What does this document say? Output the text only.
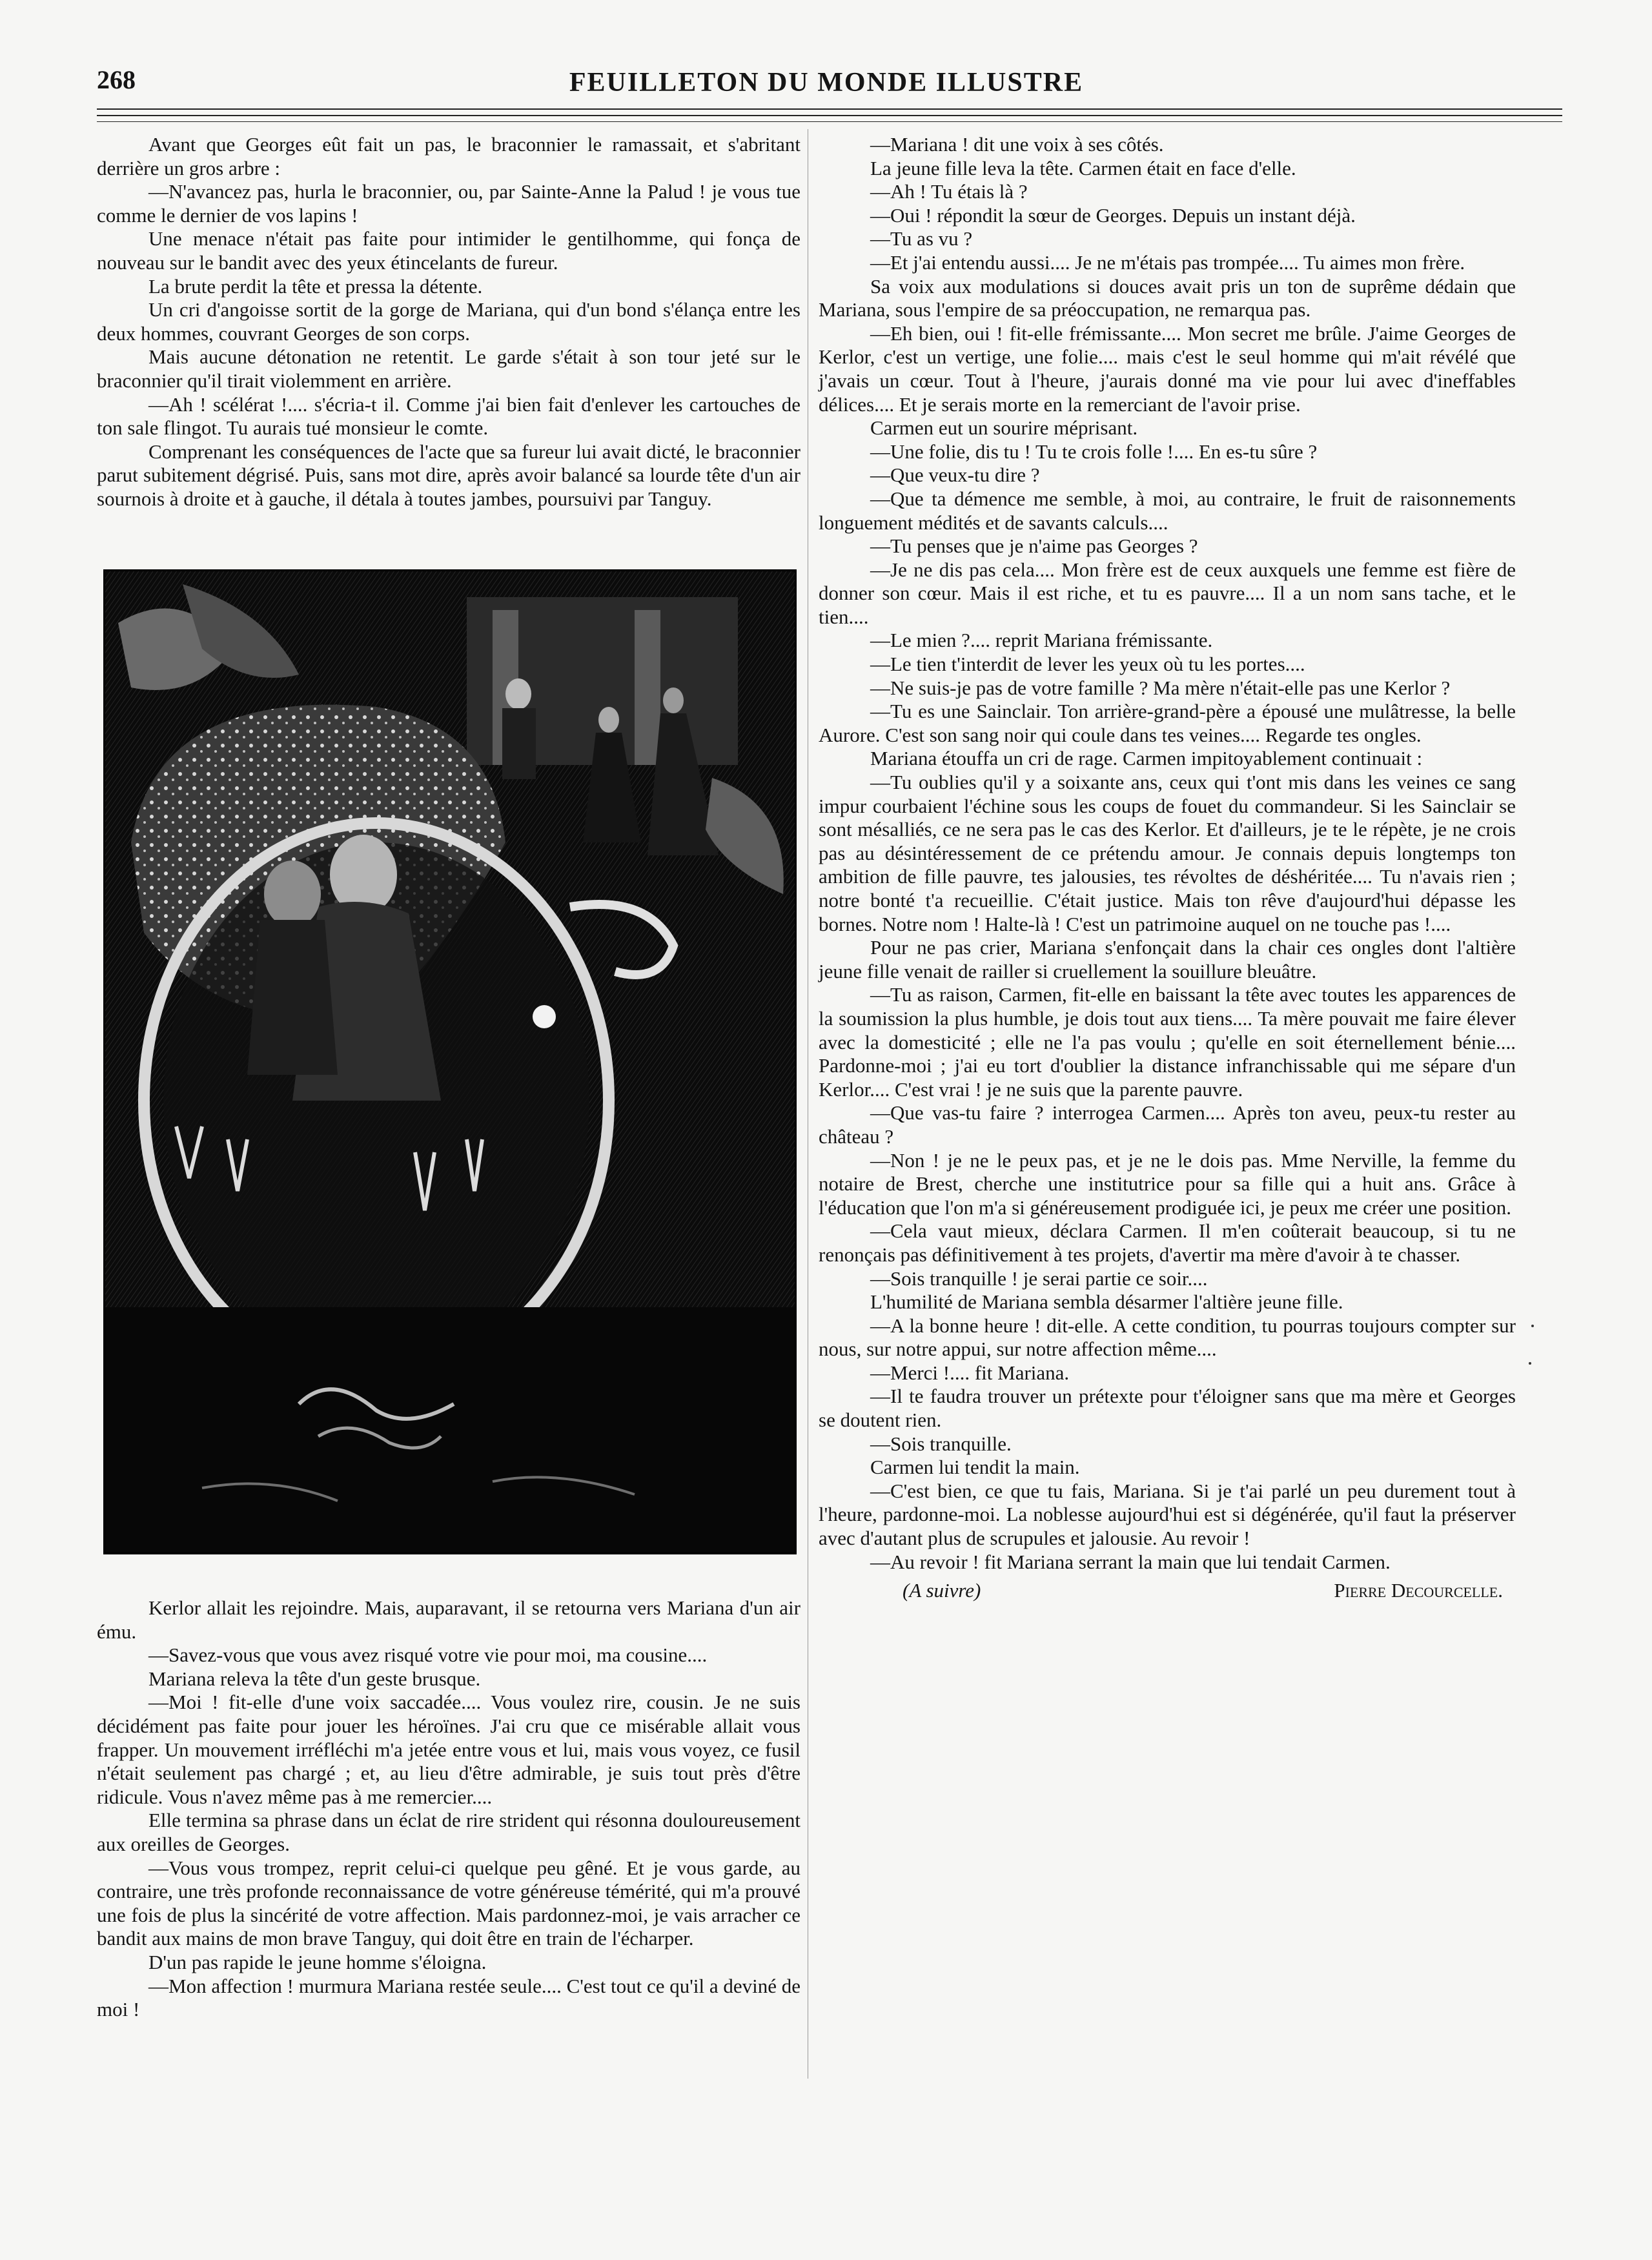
268	FEUILLETON DU MONDE ILLUSTRE

Avant que Georges eût fait un pas, le braconnier le ramassait, et s'abritant derrière un gros arbre :

—N'avancez pas, hurla le braconnier, ou, par Sainte-Anne la Palud ! je vous tue comme le dernier de vos lapins !

Une menace n'était pas faite pour intimider le gentilhomme, qui fonça de nouveau sur le bandit avec des yeux étincelants de fureur.

La brute perdit la tête et pressa la détente.

Un cri d'angoisse sortit de la gorge de Mariana, qui d'un bond s'élança entre les deux hommes, couvrant Georges de son corps.

Mais aucune détonation ne retentit. Le garde s'était à son tour jeté sur le braconnier qu'il tirait violemment en arrière.

—Ah ! scélérat !.... s'écria-t il. Comme j'ai bien fait d'enlever les cartouches de ton sale flingot. Tu aurais tué monsieur le comte.

Comprenant les conséquences de l'acte que sa fureur lui avait dicté, le braconnier parut subitement dégrisé. Puis, sans mot dire, après avoir balancé sa lourde tête d'un air sournois à droite et à gauche, il détala à toutes jambes, poursuivi par Tanguy.

Kerlor allait les rejoindre. Mais, auparavant, il se retourna vers Mariana d'un air ému.

—Savez-vous que vous avez risqué votre vie pour moi, ma cousine....

Mariana releva la tête d'un geste brusque.

—Moi ! fit-elle d'une voix saccadée.... Vous voulez rire, cousin. Je ne suis décidément pas faite pour jouer les héroïnes. J'ai cru que ce misérable allait vous frapper. Un mouvement irréfléchi m'a jetée entre vous et lui, mais vous voyez, ce fusil n'était seulement pas chargé ; et, au lieu d'être admirable, je suis tout près d'être ridicule. Vous n'avez même pas à me remercier....

Elle termina sa phrase dans un éclat de rire strident qui résonna douloureusement aux oreilles de Georges.

—Vous vous trompez, reprit celui-ci quelque peu gêné. Et je vous garde, au contraire, une très profonde reconnaissance de votre généreuse témérité, qui m'a prouvé une fois de plus la sincérité de votre affection. Mais pardonnez-moi, je vais arracher ce bandit aux mains de mon brave Tanguy, qui doit être en train de l'écharper.

D'un pas rapide le jeune homme s'éloigna.

—Mon affection ! murmura Mariana restée seule.... C'est tout ce qu'il a deviné de moi !

—Mariana ! dit une voix à ses côtés.

La jeune fille leva la tête. Carmen était en face d'elle.

—Ah ! Tu étais là ?

—Oui ! répondit la sœur de Georges. Depuis un instant déjà.

—Tu as vu ?

—Et j'ai entendu aussi.... Je ne m'étais pas trompée.... Tu aimes mon frère.

Sa voix aux modulations si douces avait pris un ton de suprême dédain que Mariana, sous l'empire de sa préoccupation, ne remarqua pas.

—Eh bien, oui ! fit-elle frémissante.... Mon secret me brûle. J'aime Georges de Kerlor, c'est un vertige, une folie.... mais c'est le seul homme qui m'ait révélé que j'avais un cœur. Tout à l'heure, j'aurais donné ma vie pour lui avec d'ineffables délices.... Et je serais morte en la remerciant de l'avoir prise.

Carmen eut un sourire méprisant.

—Une folie, dis tu ! Tu te crois folle !.... En es-tu sûre ?

—Que veux-tu dire ?

—Que ta démence me semble, à moi, au contraire, le fruit de raisonnements longuement médités et de savants calculs....

—Tu penses que je n'aime pas Georges ?

—Je ne dis pas cela.... Mon frère est de ceux auxquels une femme est fière de donner son cœur. Mais il est riche, et tu es pauvre.... Il a un nom sans tache, et le tien....

—Le mien ?.... reprit Mariana frémissante.

—Le tien t'interdit de lever les yeux où tu les portes....

—Ne suis-je pas de votre famille ? Ma mère n'était-elle pas une Kerlor ?

—Tu es une Sainclair. Ton arrière-grand-père a épousé une mulâtresse, la belle Aurore. C'est son sang noir qui coule dans tes veines.... Regarde tes ongles.

Mariana étouffa un cri de rage. Carmen impitoyablement continuait :

—Tu oublies qu'il y a soixante ans, ceux qui t'ont mis dans les veines ce sang impur courbaient l'échine sous les coups de fouet du commandeur. Si les Sainclair se sont mésalliés, ce ne sera pas le cas des Kerlor. Et d'ailleurs, je te le répète, je ne crois pas au désintéressement de ce prétendu amour. Je connais depuis longtemps ton ambition de fille pauvre, tes jalousies, tes révoltes de déshéritée.... Tu n'avais rien ; notre bonté t'a recueillie. C'était justice. Mais ton rêve d'aujourd'hui dépasse les bornes. Notre nom ! Halte-là ! C'est un patrimoine auquel on ne touche pas !....

Pour ne pas crier, Mariana s'enfonçait dans la chair ces ongles dont l'altière jeune fille venait de railler si cruellement la souillure bleuâtre.

—Tu as raison, Carmen, fit-elle en baissant la tête avec toutes les apparences de la soumission la plus humble, je dois tout aux tiens.... Ta mère pouvait me faire élever avec la domesticité ; elle ne l'a pas voulu ; qu'elle en soit éternellement bénie.... Pardonne-moi ; j'ai eu tort d'oublier la distance infranchissable qui me sépare d'un Kerlor.... C'est vrai ! je ne suis que la parente pauvre.

—Que vas-tu faire ? interrogea Carmen.... Après ton aveu, peux-tu rester au château ?

—Non ! je ne le peux pas, et je ne le dois pas. Mme Nerville, la femme du notaire de Brest, cherche une institutrice pour sa fille qui a huit ans. Grâce à l'éducation que l'on m'a si généreusement prodiguée ici, je peux me créer une position.

—Cela vaut mieux, déclara Carmen. Il m'en coûterait beaucoup, si tu ne renonçais pas définitivement à tes projets, d'avertir ma mère d'avoir à te chasser.

—Sois tranquille ! je serai partie ce soir....

L'humilité de Mariana sembla désarmer l'altière jeune fille.

—A la bonne heure ! dit-elle. A cette condition, tu pourras toujours compter sur nous, sur notre appui, sur notre affection même....

—Merci !.... fit Mariana.

—Il te faudra trouver un prétexte pour t'éloigner sans que ma mère et Georges se doutent rien.

—Sois tranquille.

Carmen lui tendit la main.

—C'est bien, ce que tu fais, Mariana. Si je t'ai parlé un peu durement tout à l'heure, pardonne-moi. La noblesse aujourd'hui est si dégénérée, qu'il faut la préserver avec d'autant plus de scrupules et jalousie. Au revoir !

—Au revoir ! fit Mariana serrant la main que lui tendait Carmen.

(A suivre)	Pierre Decourcelle.
